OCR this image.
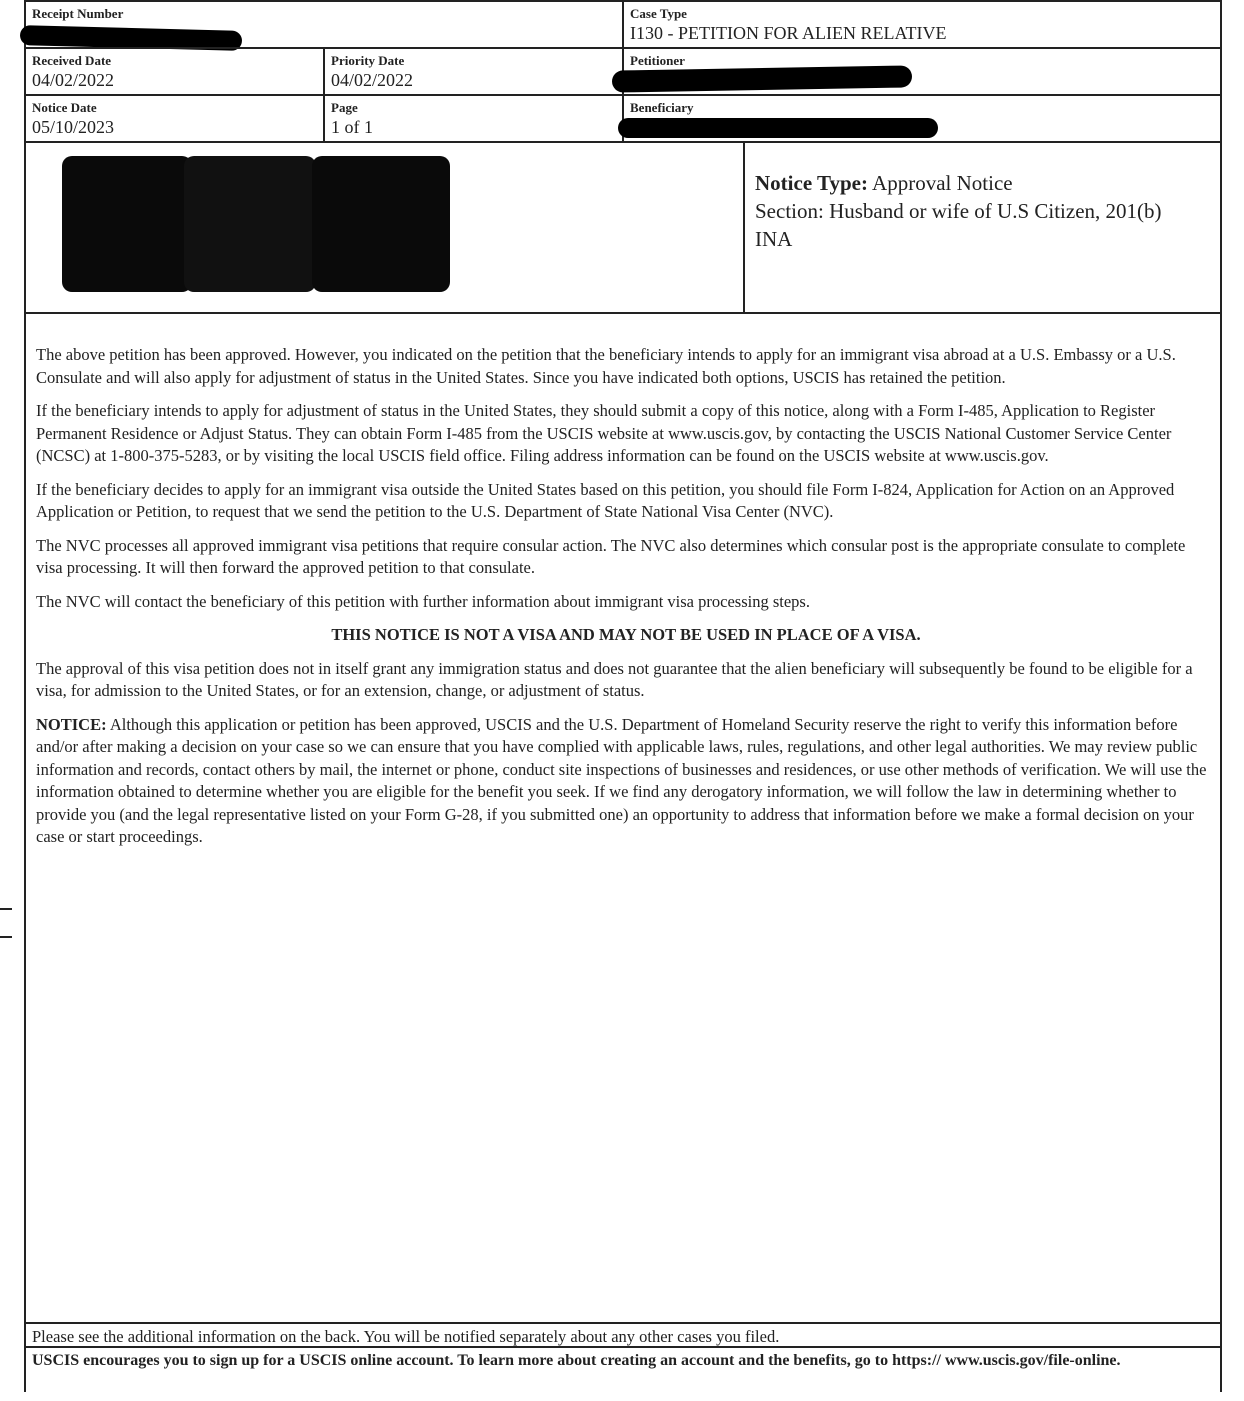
Receipt Number	Case Type
I130 - PETITION FOR ALIEN RELATIVE
Received Date
04/02/2022
Priority Date
04/02/2022
Petitioner
Notice Date
05/10/2023
Page
1 of 1
Beneficiary
Notice Type: Approval Notice
Section: Husband or wife of U.S Citizen, 201(b)
INA

The above petition has been approved. However, you indicated on the petition that the beneficiary intends to apply for an immigrant visa abroad at a U.S. Embassy or a U.S. Consulate and will also apply for adjustment of status in the United States. Since you have indicated both options, USCIS has retained the petition.

If the beneficiary intends to apply for adjustment of status in the United States, they should submit a copy of this notice, along with a Form I-485, Application to Register Permanent Residence or Adjust Status. They can obtain Form I-485 from the USCIS website at www.uscis.gov, by contacting the USCIS National Customer Service Center (NCSC) at 1-800-375-5283, or by visiting the local USCIS field office. Filing address information can be found on the USCIS website at www.uscis.gov.

If the beneficiary decides to apply for an immigrant visa outside the United States based on this petition, you should file Form I-824, Application for Action on an Approved Application or Petition, to request that we send the petition to the U.S. Department of State National Visa Center (NVC).

The NVC processes all approved immigrant visa petitions that require consular action. The NVC also determines which consular post is the appropriate consulate to complete visa processing. It will then forward the approved petition to that consulate.

The NVC will contact the beneficiary of this petition with further information about immigrant visa processing steps.

THIS NOTICE IS NOT A VISA AND MAY NOT BE USED IN PLACE OF A VISA.

The approval of this visa petition does not in itself grant any immigration status and does not guarantee that the alien beneficiary will subsequently be found to be eligible for a visa, for admission to the United States, or for an extension, change, or adjustment of status.

NOTICE: Although this application or petition has been approved, USCIS and the U.S. Department of Homeland Security reserve the right to verify this information before and/or after making a decision on your case so we can ensure that you have complied with applicable laws, rules, regulations, and other legal authorities. We may review public information and records, contact others by mail, the internet or phone, conduct site inspections of businesses and residences, or use other methods of verification. We will use the information obtained to determine whether you are eligible for the benefit you seek. If we find any derogatory information, we will follow the law in determining whether to provide you (and the legal representative listed on your Form G-28, if you submitted one) an opportunity to address that information before we make a formal decision on your case or start proceedings.

Please see the additional information on the back. You will be notified separately about any other cases you filed.
USCIS encourages you to sign up for a USCIS online account. To learn more about creating an account and the benefits, go to https:// www.uscis.gov/file-online.
